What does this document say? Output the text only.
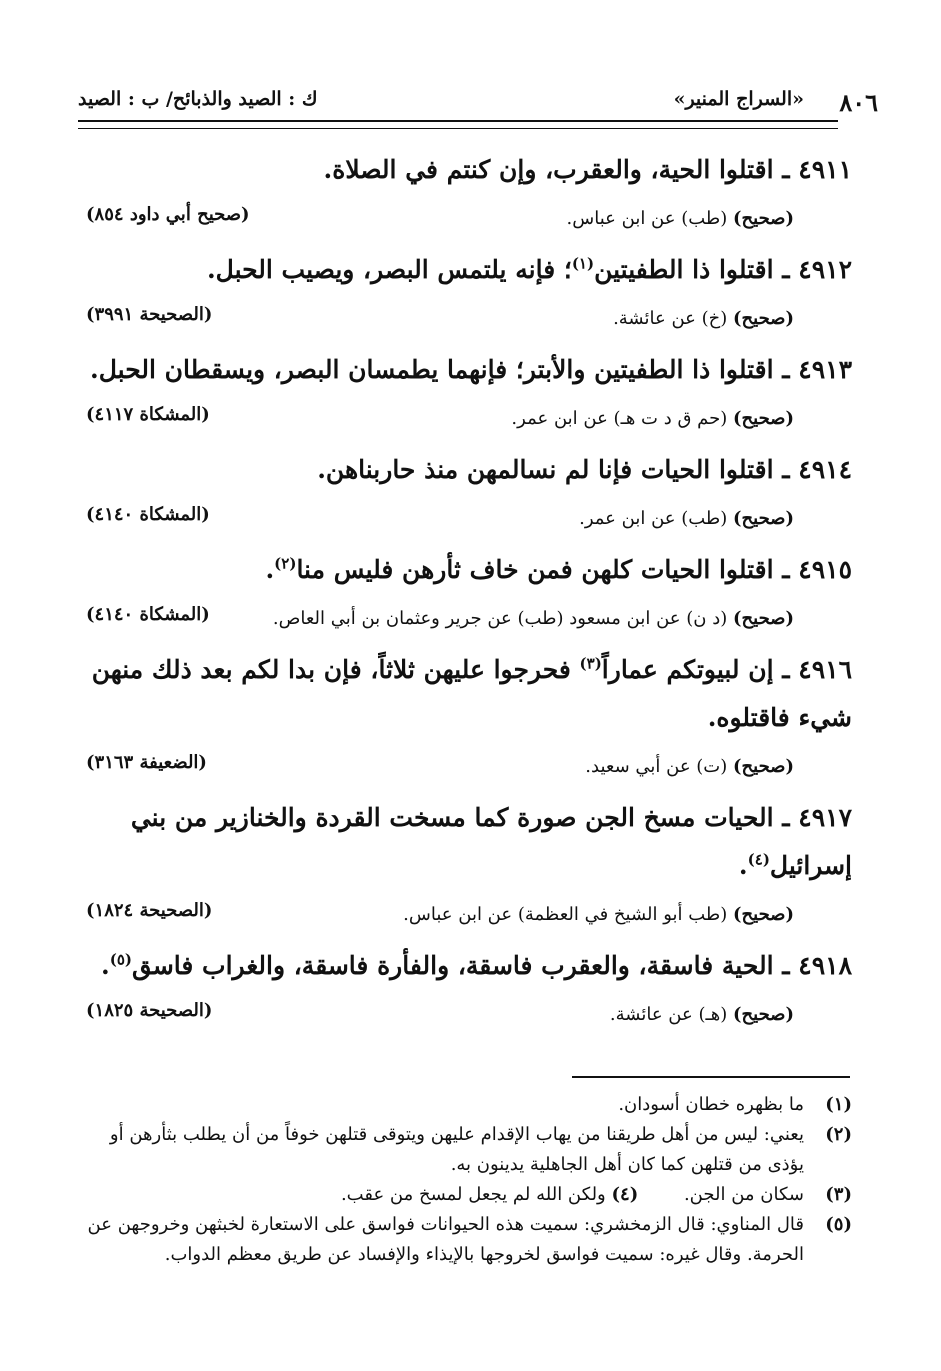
٨٠٦
«السراج المنير»
ك : الصيد والذبائح/ ب : الصيد

٤٩١١ ـ اقتلوا الحية، والعقرب، وإن كنتم في الصلاة.

(صحيح) (طب) عن ابن عباس.
(صحيح أبي داود ٨٥٤)

٤٩١٢ ـ اقتلوا ذا الطفيتين$^{(١)}$؛ فإنه يلتمس البصر، ويصيب الحبل.

(صحيح) (خ) عن عائشة.
(الصحيحة ٣٩٩١)

٤٩١٣ ـ اقتلوا ذا الطفيتين والأبتر؛ فإنهما يطمسان البصر، ويسقطان الحبل.

(صحيح) (حم ق د ت هـ) عن ابن عمر.
(المشكاة ٤١١٧)

٤٩١٤ ـ اقتلوا الحيات فإنا لم نسالمهن منذ حاربناهن.

(صحيح) (طب) عن ابن عمر.
(المشكاة ٤١٤٠)

٤٩١٥ ـ اقتلوا الحيات كلهن فمن خاف ثأرهن فليس منا$^{(٢)}$.

(صحيح) (د ن) عن ابن مسعود (طب) عن جرير وعثمان بن أبي العاص.
(المشكاة ٤١٤٠)

٤٩١٦ ـ إن لبيوتكم عماراً$^{(٣)}$ فحرجوا عليهن ثلاثاً، فإن بدا لكم بعد ذلك منهن شيء فاقتلوه.

(صحيح) (ت) عن أبي سعيد.
(الضعيفة ٣١٦٣)

٤٩١٧ ـ الحيات مسخ الجن صورة كما مسخت القردة والخنازير من بني إسرائيل$^{(٤)}$.

(صحيح) (طب أبو الشيخ في العظمة) عن ابن عباس.
(الصحيحة ١٨٢٤)

٤٩١٨ ـ الحية فاسقة، والعقرب فاسقة، والفأرة فاسقة، والغراب فاسق$^{(٥)}$.

(صحيح) (هـ) عن عائشة.
(الصحيحة ١٨٢٥)

(١)
ما بظهره خطان أسودان.

(٢)
يعني: ليس من أهل طريقنا من يهاب الإقدام عليهن ويتوقى قتلهن خوفاً من أن يطلب بثأرهن أو يؤذى من قتلهن كما كان أهل الجاهلية يدينون به.

(٣)
سكان من الجن. (٤) ولكن الله لم يجعل لمسخ من عقب.

(٥)
قال المناوي: قال الزمخشري: سميت هذه الحيوانات فواسق على الاستعارة لخبثهن وخروجهن عن الحرمة. وقال غيره: سميت فواسق لخروجها بالإيذاء والإفساد عن طريق معظم الدواب.
